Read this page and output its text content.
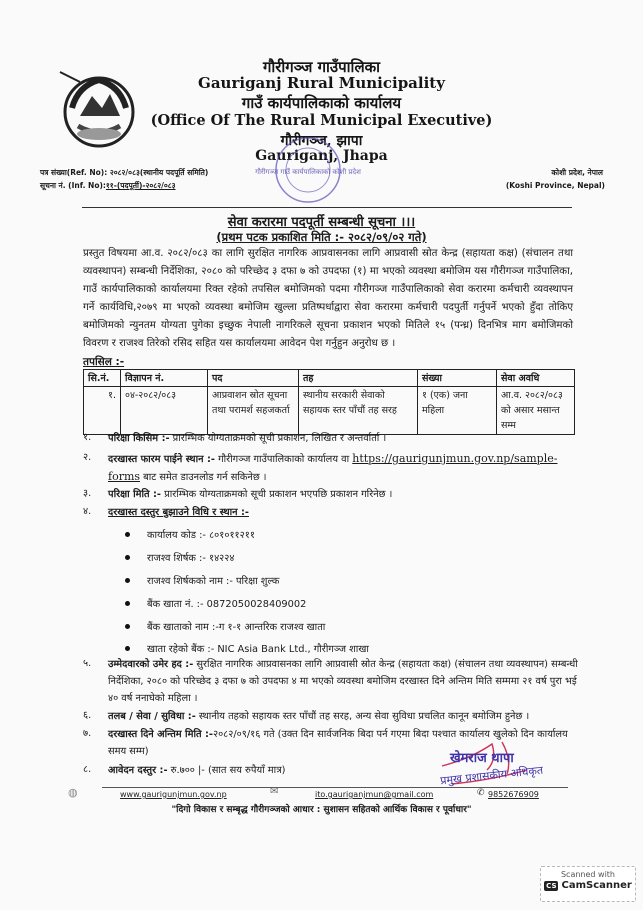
गौरीगञ्ज गाउँपालिका
Gauriganj Rural Municipality
गाउँ कार्यपालिकाको कार्यालय
(Office Of The Rural Municipal Executive)
गौरीगञ्ज, झापा
Gauriganj, Jhapa
गौरीगञ्ज गाउँ कार्यपालिकाको कोशी प्रदेश
पत्र संख्या(Ref. No): २०८२/०८३(स्थानीय पदपूर्ति समिति)
सूचना नं. (Inf. No):११-(पदपूर्ती)-२०८२/०८३
कोशी प्रदेश, नेपाल
(Koshi Province, Nepal)
सेवा करारमा पदपूर्ती सम्बन्धी सूचना ।।।
(प्रथम पटक प्रकाशित मिति :- २०८२/०९/०२ गते)
प्रस्तुत विषयमा आ.व. २०८२/०८३ का लागि सुरक्षित नागरिक आप्रवासनका लागि आप्रवासी स्रोत केन्द्र (सहायता कक्ष) (संचालन तथा व्यवस्थापन) सम्बन्धी निर्देशिका, २०८० को परिच्छेद ३ दफा ७ को उपदफा (१) मा भएको व्यवस्था बमोजिम यस गौरीगञ्ज गाउँपालिका, गाउँ कार्यपालिकाको कार्यालयमा रिक्त रहेको तपसिल बमोजिमको पदमा गौरीगञ्ज गाउँपालिकाको सेवा करारमा कर्मचारी व्यवस्थापन गर्ने कार्यविधि,२०७९ मा भएको व्यवस्था बमोजिम खुल्ला प्रतिष्पर्धाद्वारा सेवा करारमा कर्मचारी पदपुर्ती गर्नुपर्ने भएको हुँदा तोकिए बमोजिमको न्युनतम योग्यता पुगेका इच्छुक नेपाली नागरिकले सूचना प्रकाशन भएको मितिले १५ (पन्ध्र) दिनभित्र माग बमोजिमको विवरण र राजश्व तिरेको रसिद सहित यस कार्यालयमा आवेदन पेश गर्नुहुन अनुरोध छ ।
तपसिल :-
सि.नं.	विज्ञापन नं.	पद	तह	संख्या	सेवा अवधि
१.	०४-२०८२/०८३	आप्रवाशन स्रोत सूचना तथा परामर्श सहजकर्ता	स्थानीय सरकारी सेवाको सहायक स्तर पाँचौं तह सरह	१ (एक) जना महिला	आ.व. २०८२/०८३ को असार मसान्त सम्म
१.	परिक्षा किसिम :- प्रारम्भिक योग्यताक्रमको सूची प्रकाशन, लिखित र अन्तर्वार्ता ।
२.	दरखास्त फारम पाईने स्थान :- गौरीगञ्ज गाउँपालिकाको कार्यालय वा https://gaurigunjmun.gov.np/sample-forms बाट समेत डाउनलोड गर्न सकिनेछ ।
३.	परिक्षा मिति :- प्रारम्भिक योग्यताक्रमको सूची प्रकाशन भएपछि प्रकाशन गरिनेछ ।
४.	दरखास्त दस्तुर बुझाउने विधि र स्थान :-
कार्यालय कोड :- ८०१०११२११
राजश्व शिर्षक :- १४२२४
राजश्व शिर्षकको नाम :- परिक्षा शुल्क
बैंक खाता नं. :- 0872050028409002
बैंक खाताको नाम :-ग १-१ आन्तरिक राजश्व खाता
खाता रहेको बैंक :- NIC Asia Bank Ltd., गौरीगञ्ज शाखा
५.	उम्मेदवारको उमेर हद :- सुरक्षित नागरिक आप्रवासनका लागि आप्रवासी स्रोत केन्द्र (सहायता कक्ष) (संचालन तथा व्यवस्थापन) सम्बन्धी निर्देशिका, २०८० को परिच्छेद ३ दफा ७ को उपदफा ४ मा भएको व्यवस्था बमोजिम दरखास्त दिने अन्तिम मिति सम्ममा २१ वर्ष पुरा भई ४० वर्ष ननाघेको महिला ।
६.	तलब / सेवा / सुविधा :- स्थानीय तहको सहायक स्तर पाँचौं तह सरह, अन्य सेवा सुविधा प्रचलित कानून बमोजिम हुनेछ ।
७.	दरखास्त दिने अन्तिम मिति :-२०८२/०९/१६ गते (उक्त दिन सार्वजनिक बिदा पर्न गएमा बिदा पश्चात कार्यालय खुलेको दिन कार्यालय समय सम्म)
८.	आवेदन दस्तुर :- रु.७०० |- (सात सय रुपैयाँ मात्र)
खेमराज थापा
प्रमुख प्रशासकीय अधिकृत
◍	www.gaurigunjmun.gov.np	✉	ito.gauriganjmun@gmail.com	✆ 9852676909
"दिगो विकास र सम्बृद्ध गौरीगञ्जको आधार : सुशासन सहितको आर्थिक विकास र पूर्वाधार"
Scanned with
CS CamScanner
